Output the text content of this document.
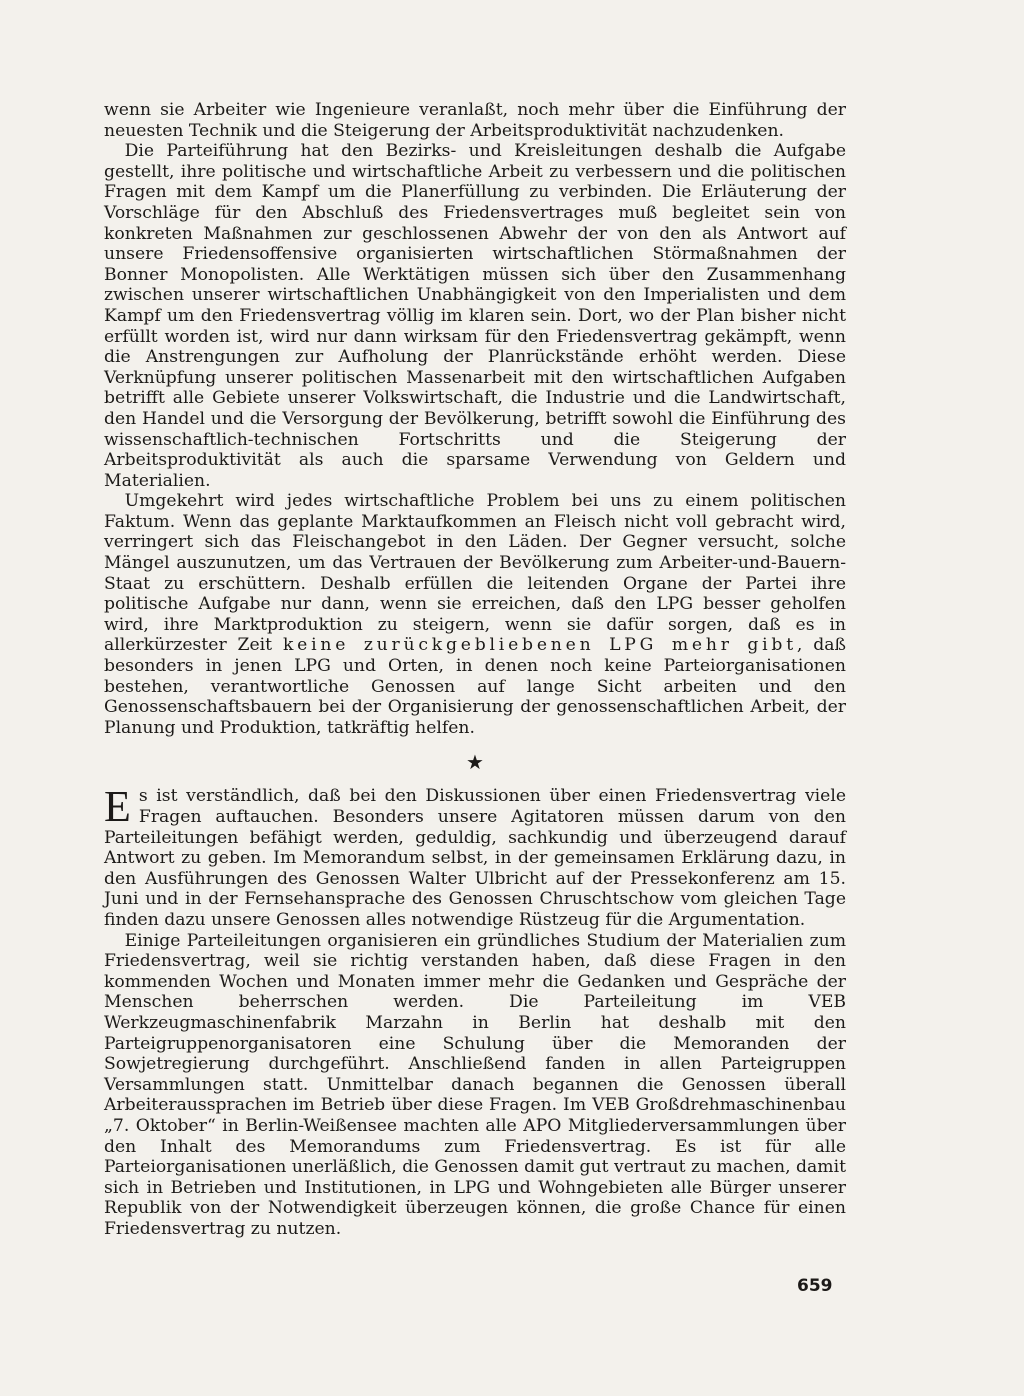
wenn sie Arbeiter wie Ingenieure veranlaßt, noch mehr über die Einführung der neuesten Technik und die Steigerung der Arbeitsproduktivität nachzudenken.

Die Parteiführung hat den Bezirks- und Kreisleitungen deshalb die Aufgabe gestellt, ihre politische und wirtschaftliche Arbeit zu verbessern und die politischen Fragen mit dem Kampf um die Planerfüllung zu verbinden. Die Erläuterung der Vorschläge für den Abschluß des Friedensvertrages muß begleitet sein von konkreten Maßnahmen zur geschlossenen Abwehr der von den als Antwort auf unsere Friedensoffensive organisierten wirtschaftlichen Störmaßnahmen der Bonner Monopolisten. Alle Werktätigen müssen sich über den Zusammenhang zwischen unserer wirtschaftlichen Unabhängigkeit von den Imperialisten und dem Kampf um den Friedensvertrag völlig im klaren sein. Dort, wo der Plan bisher nicht erfüllt worden ist, wird nur dann wirksam für den Friedensvertrag gekämpft, wenn die Anstrengungen zur Aufholung der Planrückstände erhöht werden. Diese Verknüpfung unserer politischen Massenarbeit mit den wirtschaftlichen Aufgaben betrifft alle Gebiete unserer Volkswirtschaft, die Industrie und die Landwirtschaft, den Handel und die Versorgung der Bevölkerung, betrifft sowohl die Einführung des wissenschaftlich-technischen Fortschritts und die Steigerung der Arbeitsproduktivität als auch die sparsame Verwendung von Geldern und Materialien.

Umgekehrt wird jedes wirtschaftliche Problem bei uns zu einem politischen Faktum. Wenn das geplante Marktaufkommen an Fleisch nicht voll gebracht wird, verringert sich das Fleischangebot in den Läden. Der Gegner versucht, solche Mängel auszunutzen, um das Vertrauen der Bevölkerung zum Arbeiter-und-Bauern-Staat zu erschüttern. Deshalb erfüllen die leitenden Organe der Partei ihre politische Aufgabe nur dann, wenn sie erreichen, daß den LPG besser geholfen wird, ihre Marktproduktion zu steigern, wenn sie dafür sorgen, daß es in allerkürzester Zeit keine zurückgebliebenen LPG mehr gibt, daß besonders in jenen LPG und Orten, in denen noch keine Parteiorganisationen bestehen, verantwortliche Genossen auf lange Sicht arbeiten und den Genossenschaftsbauern bei der Organisierung der genossenschaftlichen Arbeit, der Planung und Produktion, tatkräftig helfen.

★

Es ist verständlich, daß bei den Diskussionen über einen Friedensvertrag viele Fragen auftauchen. Besonders unsere Agitatoren müssen darum von den Parteileitungen befähigt werden, geduldig, sachkundig und überzeugend darauf Antwort zu geben. Im Memorandum selbst, in der gemeinsamen Erklärung dazu, in den Ausführungen des Genossen Walter Ulbricht auf der Pressekonferenz am 15. Juni und in der Fernsehansprache des Genossen Chruschtschow vom gleichen Tage finden dazu unsere Genossen alles notwendige Rüstzeug für die Argumentation.

Einige Parteileitungen organisieren ein gründliches Studium der Materialien zum Friedensvertrag, weil sie richtig verstanden haben, daß diese Fragen in den kommenden Wochen und Monaten immer mehr die Gedanken und Gespräche der Menschen beherrschen werden. Die Parteileitung im VEB Werkzeugmaschinenfabrik Marzahn in Berlin hat deshalb mit den Parteigruppenorganisatoren eine Schulung über die Memoranden der Sowjetregierung durchgeführt. Anschließend fanden in allen Parteigruppen Versammlungen statt. Unmittelbar danach begannen die Genossen überall Arbeiteraussprachen im Betrieb über diese Fragen. Im VEB Großdrehmaschinenbau „7. Oktober“ in Berlin-Weißensee machten alle APO Mitgliederversammlungen über den Inhalt des Memorandums zum Friedensvertrag. Es ist für alle Parteiorganisationen unerläßlich, die Genossen damit gut vertraut zu machen, damit sich in Betrieben und Institutionen, in LPG und Wohngebieten alle Bürger unserer Republik von der Notwendigkeit überzeugen können, die große Chance für einen Friedensvertrag zu nutzen.

659
